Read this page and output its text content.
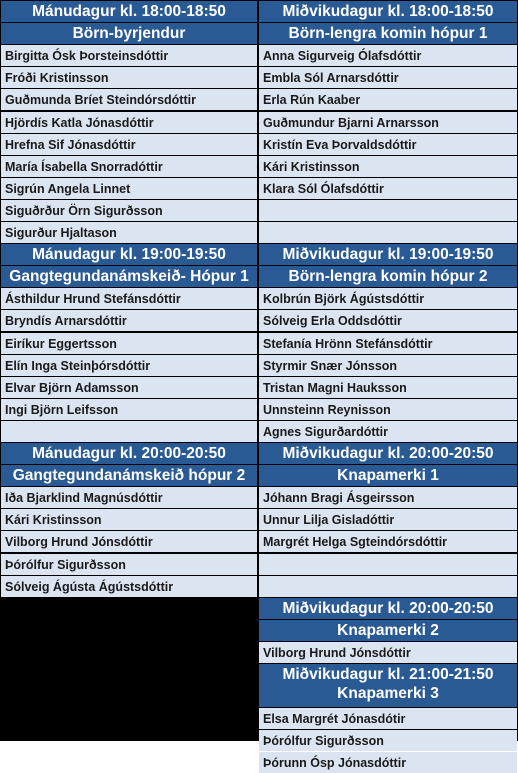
Mánudagur kl. 18:00-18:50
Börn-byrjendur
Birgitta Ósk Þorsteinsdóttir
Fróði Kristinsson
Guðmunda Bríet Steindórsdóttir
Hjördís Katla Jónasdóttir
Hrefna Sif Jónasdóttir
María Ísabella Snorradóttir
Sigrún Angela Linnet
Siguðrður Örn Sigurðsson
Sigurður Hjaltason
Mánudagur kl. 19:00-19:50
Gangtegundanámskeið- Hópur 1
Ásthildur Hrund Stefánsdóttir
Bryndís Arnarsdóttir
Eiríkur Eggertsson
Elín Inga Steinþórsdóttir
Elvar Björn Adamsson
Ingi Björn Leifsson
Mánudagur kl. 20:00-20:50
Gangtegundanámskeið hópur 2
Iða Bjarklind Magnúsdóttir
Kári Kristinsson
Vilborg Hrund Jónsdóttir
Þórólfur Sigurðsson
Sólveig Ágústa Ágústsdóttir
Miðvikudagur kl. 18:00-18:50
Börn-lengra komin hópur 1
Anna Sigurveig Ólafsdóttir
Embla Sól Arnarsdóttir
Erla Rún Kaaber
Guðmundur Bjarni Arnarsson
Kristín Eva Þorvaldsdóttir
Kári Kristinsson
Klara Sól Ólafsdóttir
Miðvikudagur kl. 19:00-19:50
Börn-lengra komin hópur 2
Kolbrún Björk Ágústsdóttir
Sólveig Erla Oddsdóttir
Stefanía Hrönn Stefánsdóttir
Styrmir Snær Jónsson
Tristan Magni Hauksson
Unnsteinn Reynisson
Agnes Sigurðardóttir
Miðvikudagur kl. 20:00-20:50
Knapamerki 1
Jóhann Bragi Ásgeirsson
Unnur Lilja Gisladóttir
Margrét Helga Sgteindórsdóttir
Miðvikudagur kl. 20:00-20:50
Knapamerki 2
Vilborg Hrund Jónsdóttir
Miðvikudagur kl. 21:00-21:50
Knapamerki 3
Elsa Margrét Jónasdótir
Þórólfur Sigurðsson
Þórunn Ósp Jónasdóttir
